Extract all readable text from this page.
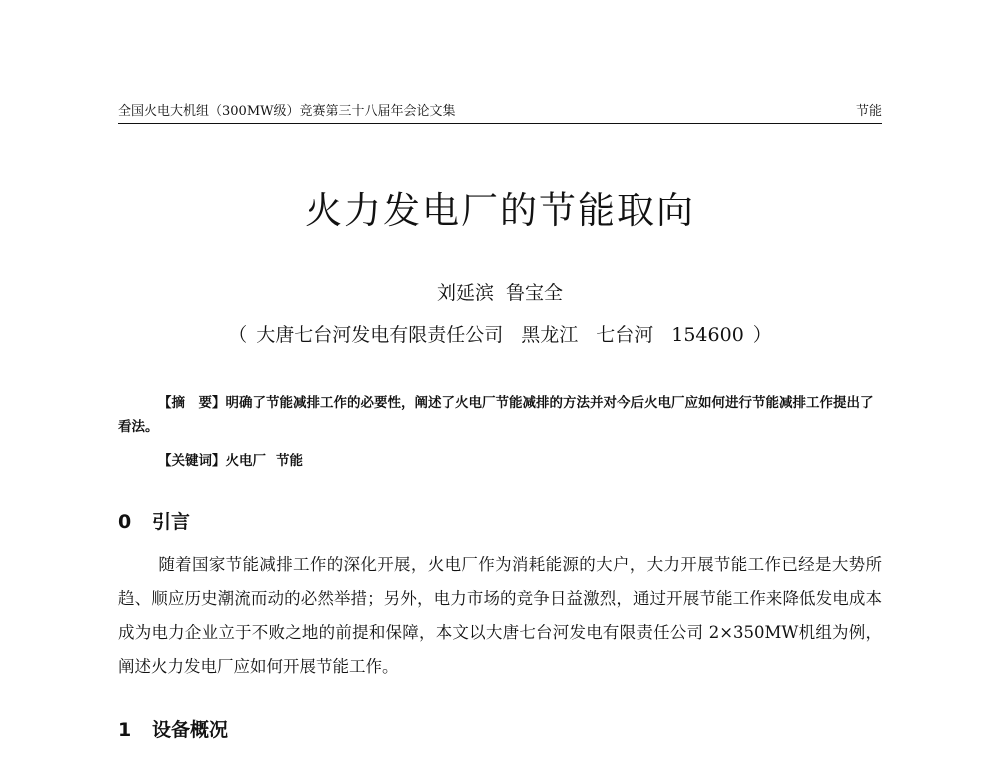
全国火电大机组（300MW级）竞赛第三十八届年会论文集	节能
火力发电厂的节能取向
刘延滨 鲁宝全
（ 大唐七台河发电有限责任公司 黑龙江 七台河 154600 ）
【摘　要】明确了节能减排工作的必要性，阐述了火电厂节能减排的方法并对今后火电厂应如何进行节能减排工作提出了看法。
【关键词】火电厂 节能
0 引言
随着国家节能减排工作的深化开展，火电厂作为消耗能源的大户，大力开展节能工作已经是大势所趋、顺应历史潮流而动的必然举措；另外，电力市场的竞争日益激烈，通过开展节能工作来降低发电成本成为电力企业立于不败之地的前提和保障，本文以大唐七台河发电有限责任公司 2×350MW机组为例，阐述火力发电厂应如何开展节能工作。
1 设备概况
